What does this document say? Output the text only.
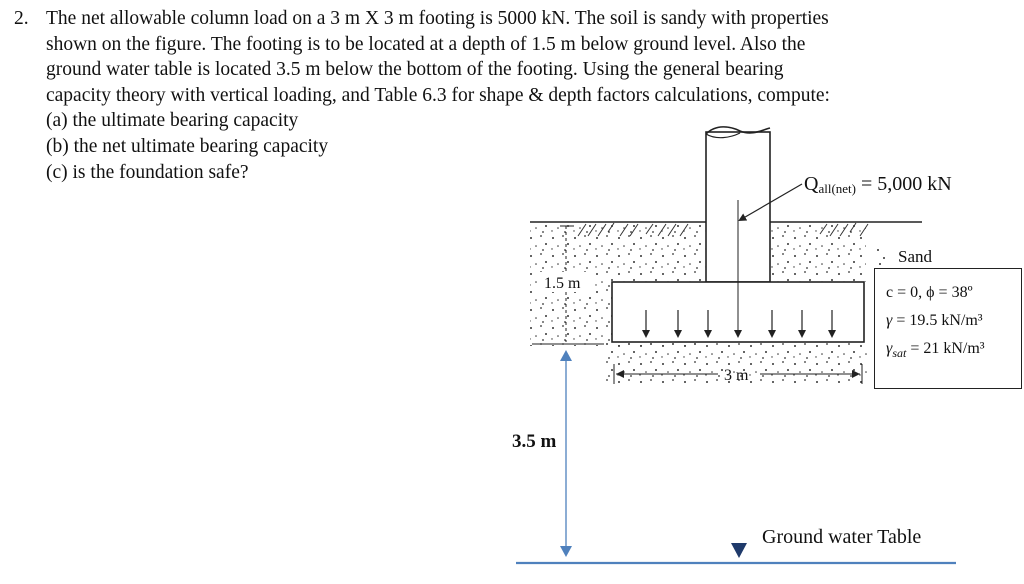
2. The net allowable column load on a 3 m X 3 m footing is 5000 kN. The soil is sandy with properties
shown on the figure. The footing is to be located at a depth of 1.5 m below ground level. Also the
ground water table is located 3.5 m below the bottom of the footing. Using the general bearing
capacity theory with vertical loading, and Table 6.3 for shape & depth factors calculations, compute:
(a) the ultimate bearing capacity
(b) the net ultimate bearing capacity
(c) is the foundation safe?
Qall(net) = 5,000 kN
1.5 m
3 m
Sand
3.5 m
c = 0, ϕ = 38º
γ = 19.5 kN/m³
$\gamma_{sat} = 21$ kN/m³
Ground water Table
